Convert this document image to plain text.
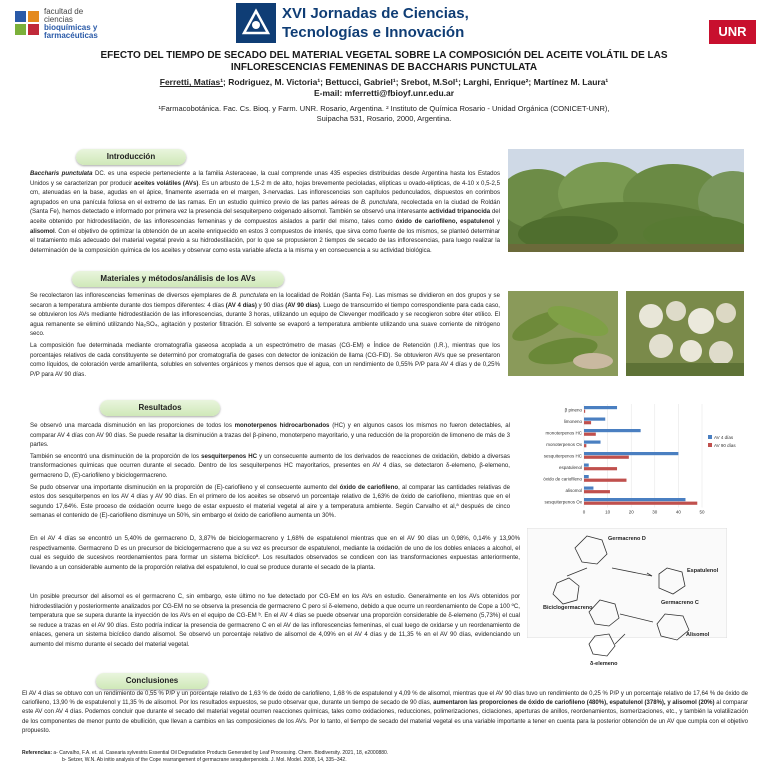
facultad de
ciencias
bioquímicas y
farmacéuticas
XVI Jornadas de Ciencias,
Tecnologías e Innovación	UNR
EFECTO DEL TIEMPO DE SECADO DEL MATERIAL VEGETAL SOBRE LA COMPOSICIÓN DEL ACEITE VOLÁTIL DE LAS
INFLORESCENCIAS FEMENINAS DE BACCHARIS PUNCTULATA
Ferretti, Matías¹; Rodriguez, M. Victoria¹; Bettucci, Gabriel¹; Srebot, M.Sol¹; Larghi, Enrique²; Martínez M. Laura¹
E-mail: mferretti@fbioyf.unr.edu.ar
¹Farmacobotánica. Fac. Cs. Bioq. y Farm. UNR. Rosario, Argentina. ² Instituto de Química Rosario - Unidad Orgánica (CONICET-UNR),
Suipacha 531, Rosario, 2000, Argentina.
Introducción

Baccharis punctulata DC. es una especie perteneciente a la familia Asteraceae, la cual comprende unas 435 especies distribuidas desde Argentina hasta los Estados Unidos y se caracterizan por producir aceites volátiles (AVs). Es un arbusto de 1,5-2 m de alto, hojas brevemente pecioladas, elípticas u ovado-elípticas, de 4-10 x 0,5-2,5 cm, atenuadas en la base, agudas en el ápice, finamente aserrada en el margen, 3-nervadas. Las inflorescencias son capítulos pedunculados, dispuestos en corimbos agrupados en una panícula foliosa en el extremo de las ramas. En un estudio químico previo de las partes aéreas de B. punctulata, recolectada en la ciudad de Roldán (Santa Fe), hemos detectado e informado por primera vez la presencia del sesquiterpeno oxigenado alisomol. También se observó una interesante actividad tripanocida del aceite obtenido por hidrodestilación, de las inflorescencias femeninas y de compuestos aislados a partir del mismo, tales como óxido de cariofileno, espatulenol y alisomol. Con el objetivo de optimizar la obtención de un aceite enriquecido en estos 3 compuestos de interés, que sirva como fuente de los mismos, se planteó determinar el tratamiento más adecuado del material vegetal previo a su hidrodestilación, por lo que se propusieron 2 tiempos de secado de las inflorescencias, para luego realizar la determinación de la composición química de los aceites y observar como esta variable afecta a la misma y en consecuencia a su actividad biológica.

Materiales y métodos/análisis de los AVs

Se recolectaron las inflorescencias femeninas de diversos ejemplares de B. punctulata en la localidad de Roldán (Santa Fe). Las mismas se dividieron en dos grupos y se secaron a temperatura ambiente durante dos tiempos diferentes: 4 días (AV 4 días) y 90 días (AV 90 días). Luego de transcurrido el tiempo correspondiente para cada caso, se obtuvieron los AVs mediante hidrodestilación de las inflorescencias, durante 3 horas, utilizando un equipo de Clevenger modificado y se recogieron sobre éter etílico. El agua remanente se eliminó utilizando Na₂SO₄, agitación y posterior filtración. El solvente se evaporó a temperatura ambiente utilizando una suave corriente de nitrógeno seco.

La composición fue determinada mediante cromatografía gaseosa acoplada a un espectrómetro de masas (CG-EM) e Índice de Retención (I.R.), mientras que los porcentajes relativos de cada constituyente se determinó por cromatografía de gases con detector de ionización de llama (CG-FID). Se obtuvieron AVs que se presentaron como líquidos, de coloración verde amarillenta, solubles en solventes orgánicos y menos densos que el agua, con un rendimiento de 0,55% P/P para AV 4 días y de 0,25% P/P para AV 90 días.

Resultados

Se observó una marcada disminución en las proporciones de todos los monoterpenos hidrocarbonados (HC) y en algunos casos los mismos no fueron detectables, al comparar AV 4 días con AV 90 días. Se puede resaltar la disminución a trazas del β-pineno, monoterpeno mayoritario, y una reducción de la proporción de limoneno de más de 3 partes.

También se encontró una disminución de la proporción de los sesquiterpenos HC y un consecuente aumento de los derivados de reacciones de oxidación, debido a diversas transformaciones químicas que ocurren durante el secado. Dentro de los sesquiterpenos HC mayoritarios, presentes en AV 4 días, se detectaron δ-elemeno, β-elemeno, germacreno D, (E)-cariofileno y biciclogermacreno.

Se pudo observar una importante disminución en la proporción de (E)-cariofileno y el consecuente aumento del óxido de cariofileno, al comparar las cantidades relativas de estos dos sesquiterpenos en los AV 4 días y AV 90 días. En el primero de los aceites se observó un porcentaje relativo de 1,63% de óxido de cariofileno, mientras que en el segundo 17,64%. Este proceso de oxidación ocurre luego de estar expuesto el material vegetal al aire y a temperatura ambiente. Según Carvalho et al,ª después de cinco semanas el contenido de (E)-cariofileno disminuye un 50%, sin embargo el óxido de cariofileno aumenta un 30%.

En el AV 4 días se encontró un 5,40% de germacreno D, 3,87% de biciclogermacreno y 1,68% de espatulenol mientras que en el AV 90 días un 0,98%, 0,14% y 13,90% respectivamente. Germacreno D es un precursor de biciclogermacreno que a su vez es precursor de espatulenol, mediante la oxidación de uno de los dobles enlaces a alcohol, el cual es seguido de sucesivos reordenamientos para formar un sistema bicíclicoª. Los resultados observados se condicen con las transformaciones expuestas anteriormente, llevando a un considerable aumento de la proporción relativa del espatulenol, lo cual se produce durante el secado de la planta.
Un posible precursor del alisomol es el germacreno C, sin embargo, este último no fue detectado por CG-EM en los AVs en estudio. Generalmente en los AVs obtenidos por hidrodestilación y posteriormente analizados por CG-EM no se observa la presencia de germacreno C pero sí δ-elemeno, debido a que ocurre un reordenamiento de Cope a 100 ºC, temperatura que se supera durante la inyección de los AVs en el equipo de CG-EM ᵇ. En el AV 4 días se puede observar una proporción considerable de δ-elemeno (5,73%) el cual se reduce a trazas en el AV 90 días. Esto podría indicar la presencia de germacreno C en el AV de las inflorescencias femeninas, el cual luego de oxidarse y un reordenamiento de enlaces, genera un sistema bicíclico dando alisomol. Se observó un porcentaje relativo de alisomol de 4,09% en el AV 4 días y de 11,35 % en el AV 90 días, evidenciando un aumento del mismo durante el secado del material vegetal.
0	10	20	30	40	50
β pineno
limoneno
monoterpenos HC
monoterpenos Ox
sesquiterpenos HC
espatulenol
óxido de cariofileno
alisomol
sesquiterpenos Ox
AV 4 días
AV 90 días
Germacreno D
Biciclogermacreno
Espatulenol
Germacreno C
Alisomol
δ-elemeno
Conclusiones
El AV 4 días se obtuvo con un rendimiento de 0,55 % P/P y un porcentaje relativo de 1,63 % de óxido de cariofileno, 1,68 % de espatulenol y 4,09 % de alisomol, mientras que el AV 90 días tuvo un rendimiento de 0,25 % P/P y un porcentaje relativo de 17,64 % de óxido de cariofileno, 13,90 % de espatulenol y 11,35 % de alisomol. Por los resultados expuestos, se pudo observar que, durante un tiempo de secado de 90 días, aumentaron las proporciones de óxido de cariofileno (480%), espatulenol (378%), y alisomol (20%) al comparar este AV con AV 4 días. Podemos concluir que durante el secado del material vegetal ocurren reacciones químicas, tales como oxidaciones, reducciones, polimerizaciones, ciclaciones, aperturas de anillos, reordenamientos, isomerizaciones, etc., y también la volatilización de los componentes de menor punto de ebullición, que llevan a cambios en las composiciones de los AVs. Por lo tanto, el tiempo de secado del material vegetal es una variable importante a tener en cuenta para la posterior obtención de un AV que cumpla con el objetivo propuesto.
Referencias: a- Carvalho, F.A. et. al. Casearia sylvestris Essential Oil Degradation Products Generated by Leaf Processing. Chem. Biodiversity. 2021, 18, e2000880.
b- Setzer, W.N. Ab initio analysis of the Cope rearrangement of germacrane sesquiterpenoids. J. Mol. Model. 2008, 14, 335–342.
